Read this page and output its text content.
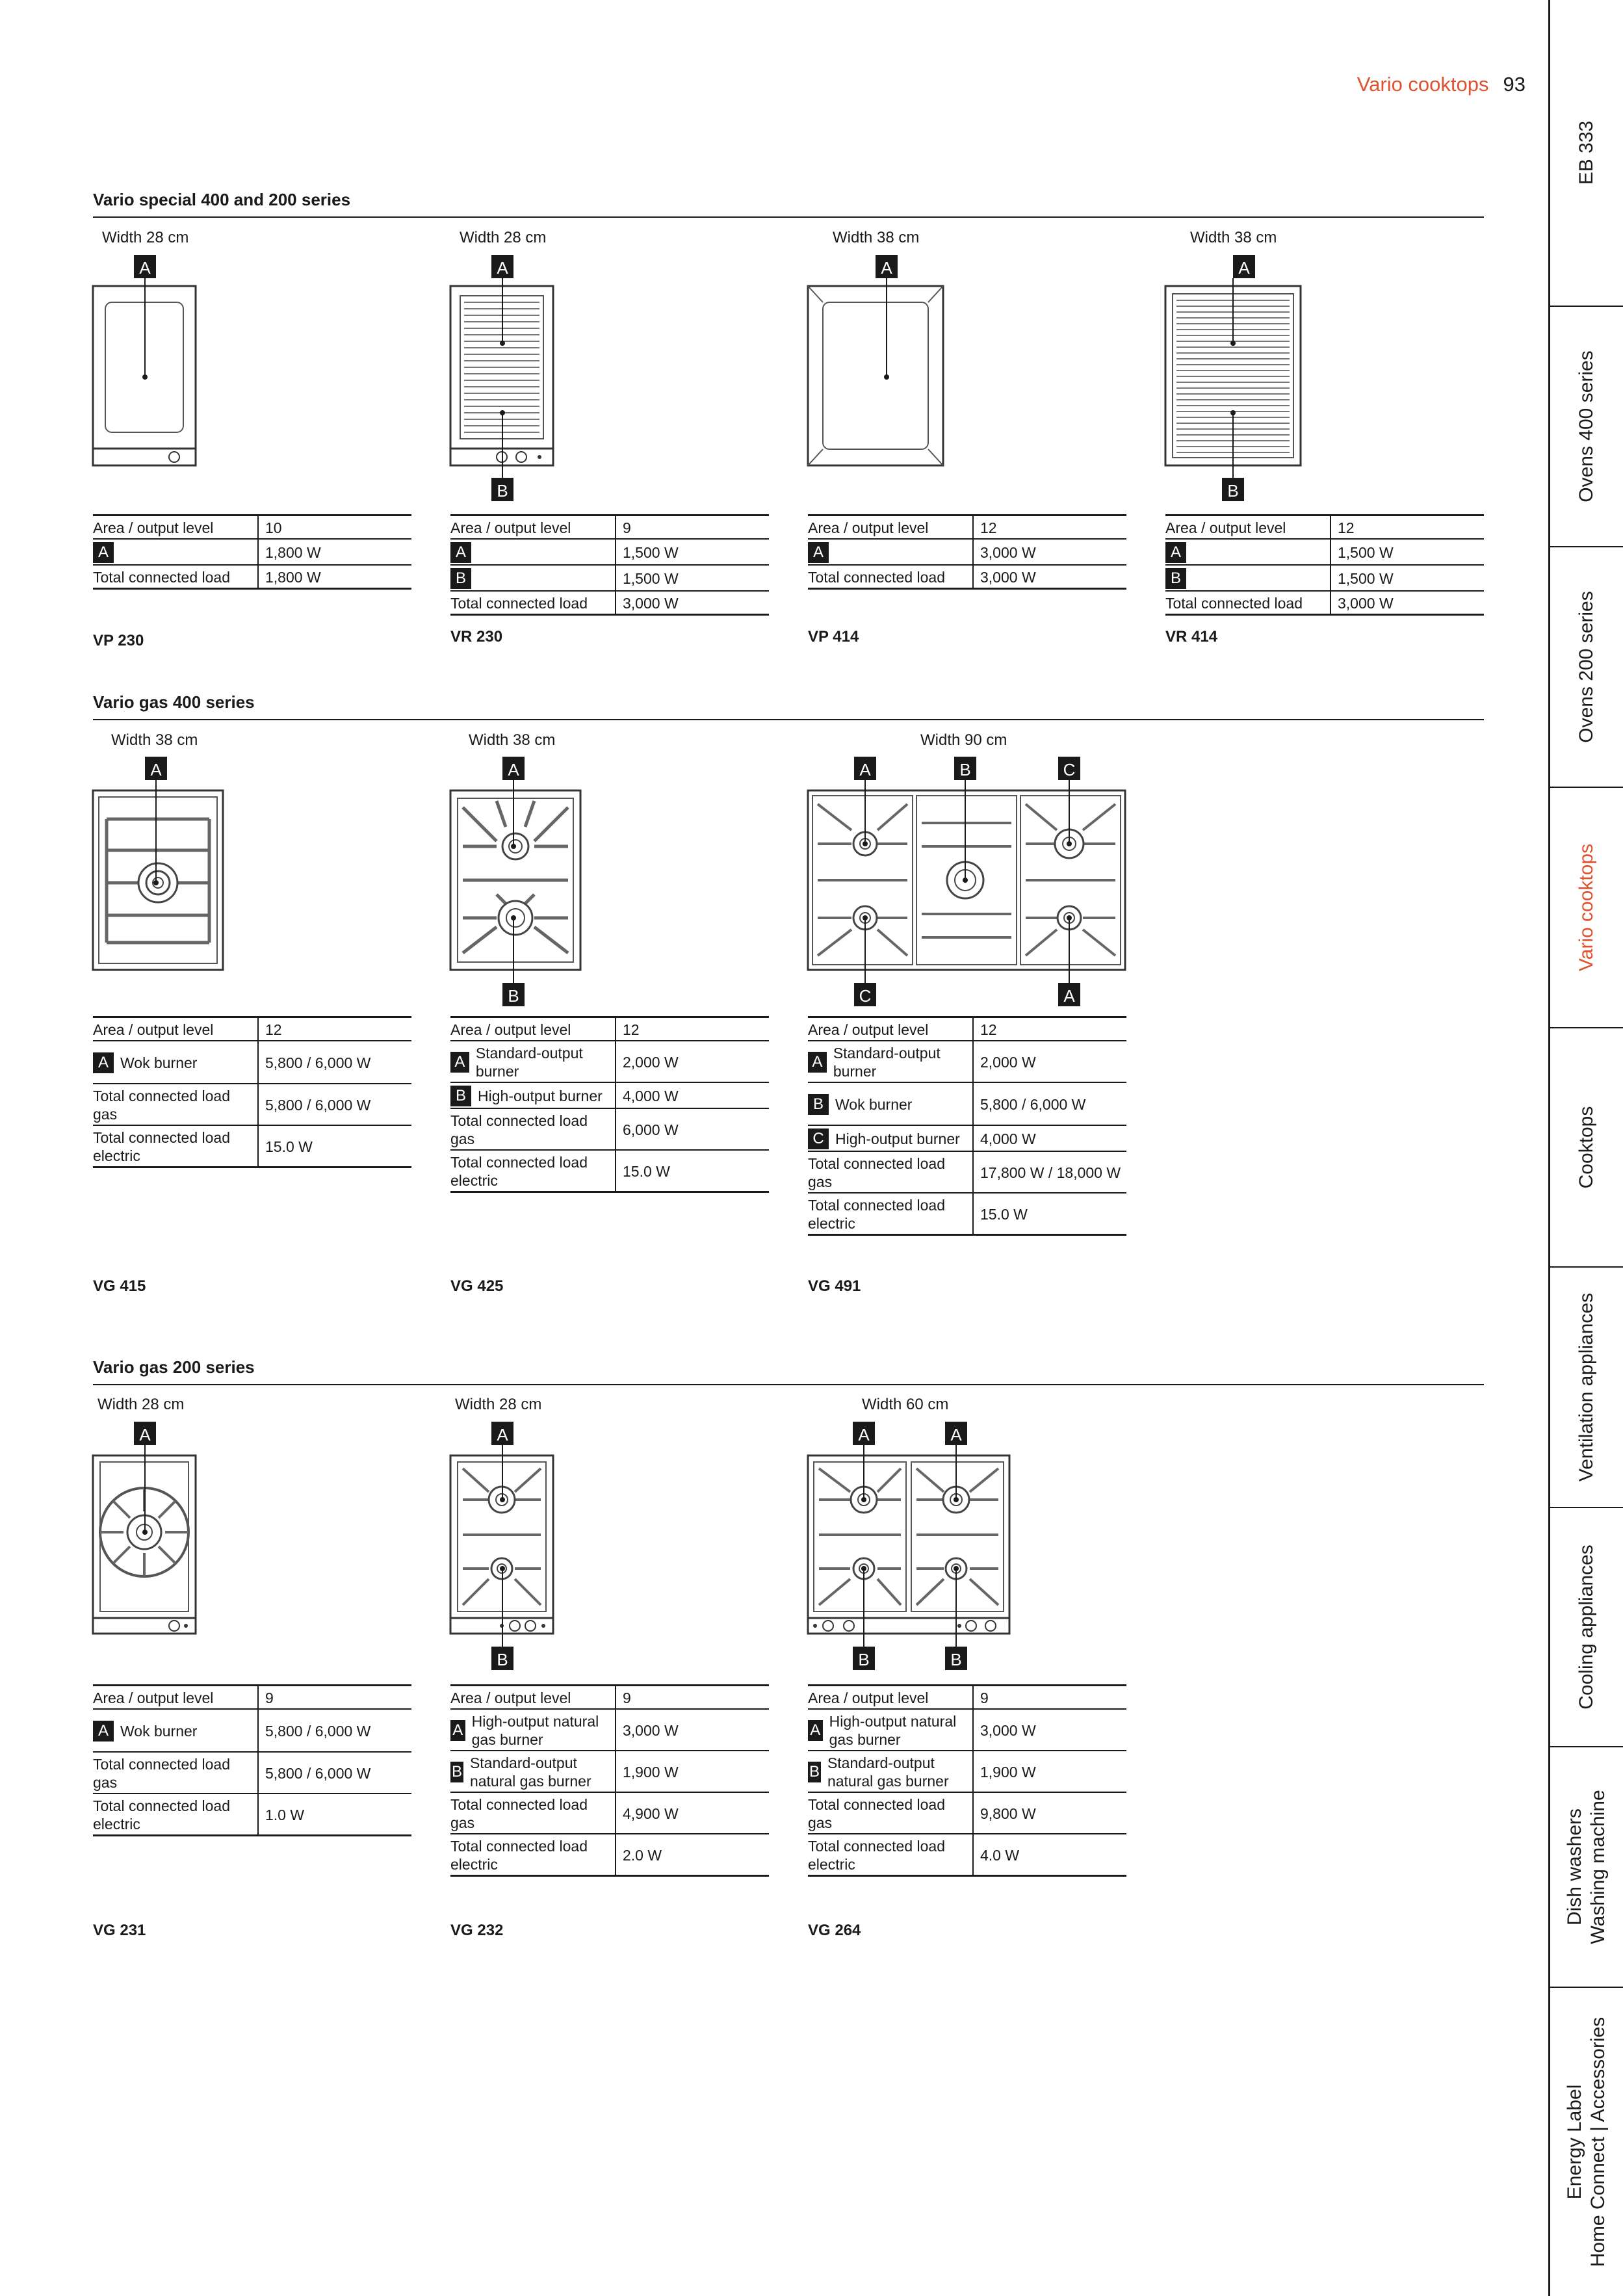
Vario cooktops 93
EB 333
Ovens 400 series
Ovens 200 series
Vario cooktops
Cooktops
Ventilation appliances
Cooling appliances
Dish washers Washing machine
Energy Label Home Connect | Accessories
Vario special 400 and 200 series
Vario gas 400 series
Vario gas 200 series
Width 28 cm
A
Width 28 cm
A
B
Width 38 cm
A
Width 38 cm
A
B
Area / output level	10
A	1,800 W
Total connected load	1,800 W
VP 230
Area / output level	9
A	1,500 W
B	1,500 W
Total connected load	3,000 W
VR 230
Area / output level	12
A	3,000 W
Total connected load	3,000 W
VP 414
Area / output level	12
A	1,500 W
B	1,500 W
Total connected load	3,000 W
VR 414
Width 38 cm
A
Width 38 cm
A
B
Width 90 cm
A	B	C
C	A
Area / output level	12

A Wok burner	5,800 / 6,000 W
Total connected load gas	5,800 / 6,000 W
Total connected load electric	15.0 W
VG 415
Area / output level	12

A Standard-output burner	2,000 W

B High-output burner	4,000 W
Total connected load gas	6,000 W
Total connected load electric	15.0 W
VG 425
Area / output level	12

A Standard-output burner	2,000 W

B Wok burner	5,800 / 6,000 W

C High-output burner	4,000 W
Total connected load gas	17,800 W / 18,000 W
Total connected load electric	15.0 W
VG 491
Width 28 cm
A
Width 28 cm
A
B
Width 60 cm
A	A
B	B
Area / output level	9

A Wok burner	5,800 / 6,000 W
Total connected load gas	5,800 / 6,000 W
Total connected load electric	1.0 W
VG 231
Area / output level	9

A High-output natural gas burner	3,000 W

B Standard-output natural gas burner	1,900 W
Total connected load gas	4,900 W
Total connected load electric	2.0 W
VG 232
Area / output level	9

A High-output natural gas burner	3,000 W

B Standard-output natural gas burner	1,900 W
Total connected load gas	9,800 W
Total connected load electric	4.0 W
VG 264
